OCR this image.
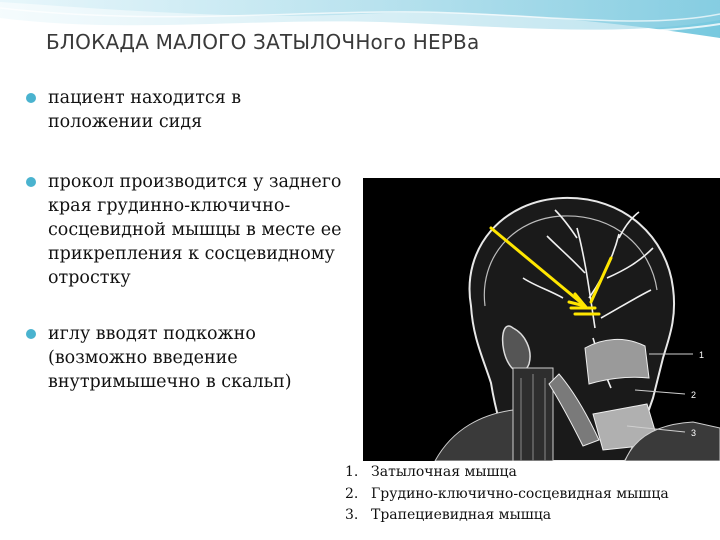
БЛОКАДА МАЛОГО ЗАТЫЛОЧНого НЕРВа
пациент находится в положении сидя
прокол производится у заднего края грудинно-ключично-сосцевидной мышцы в месте ее прикрепления к сосцевидному отростку
иглу вводят подкожно (возможно введение внутримышечно в скальп)
1
2
3
1. Затылочная мышца
2. Грудино-ключично-сосцевидная мышца
3. Трапециевидная мышца
